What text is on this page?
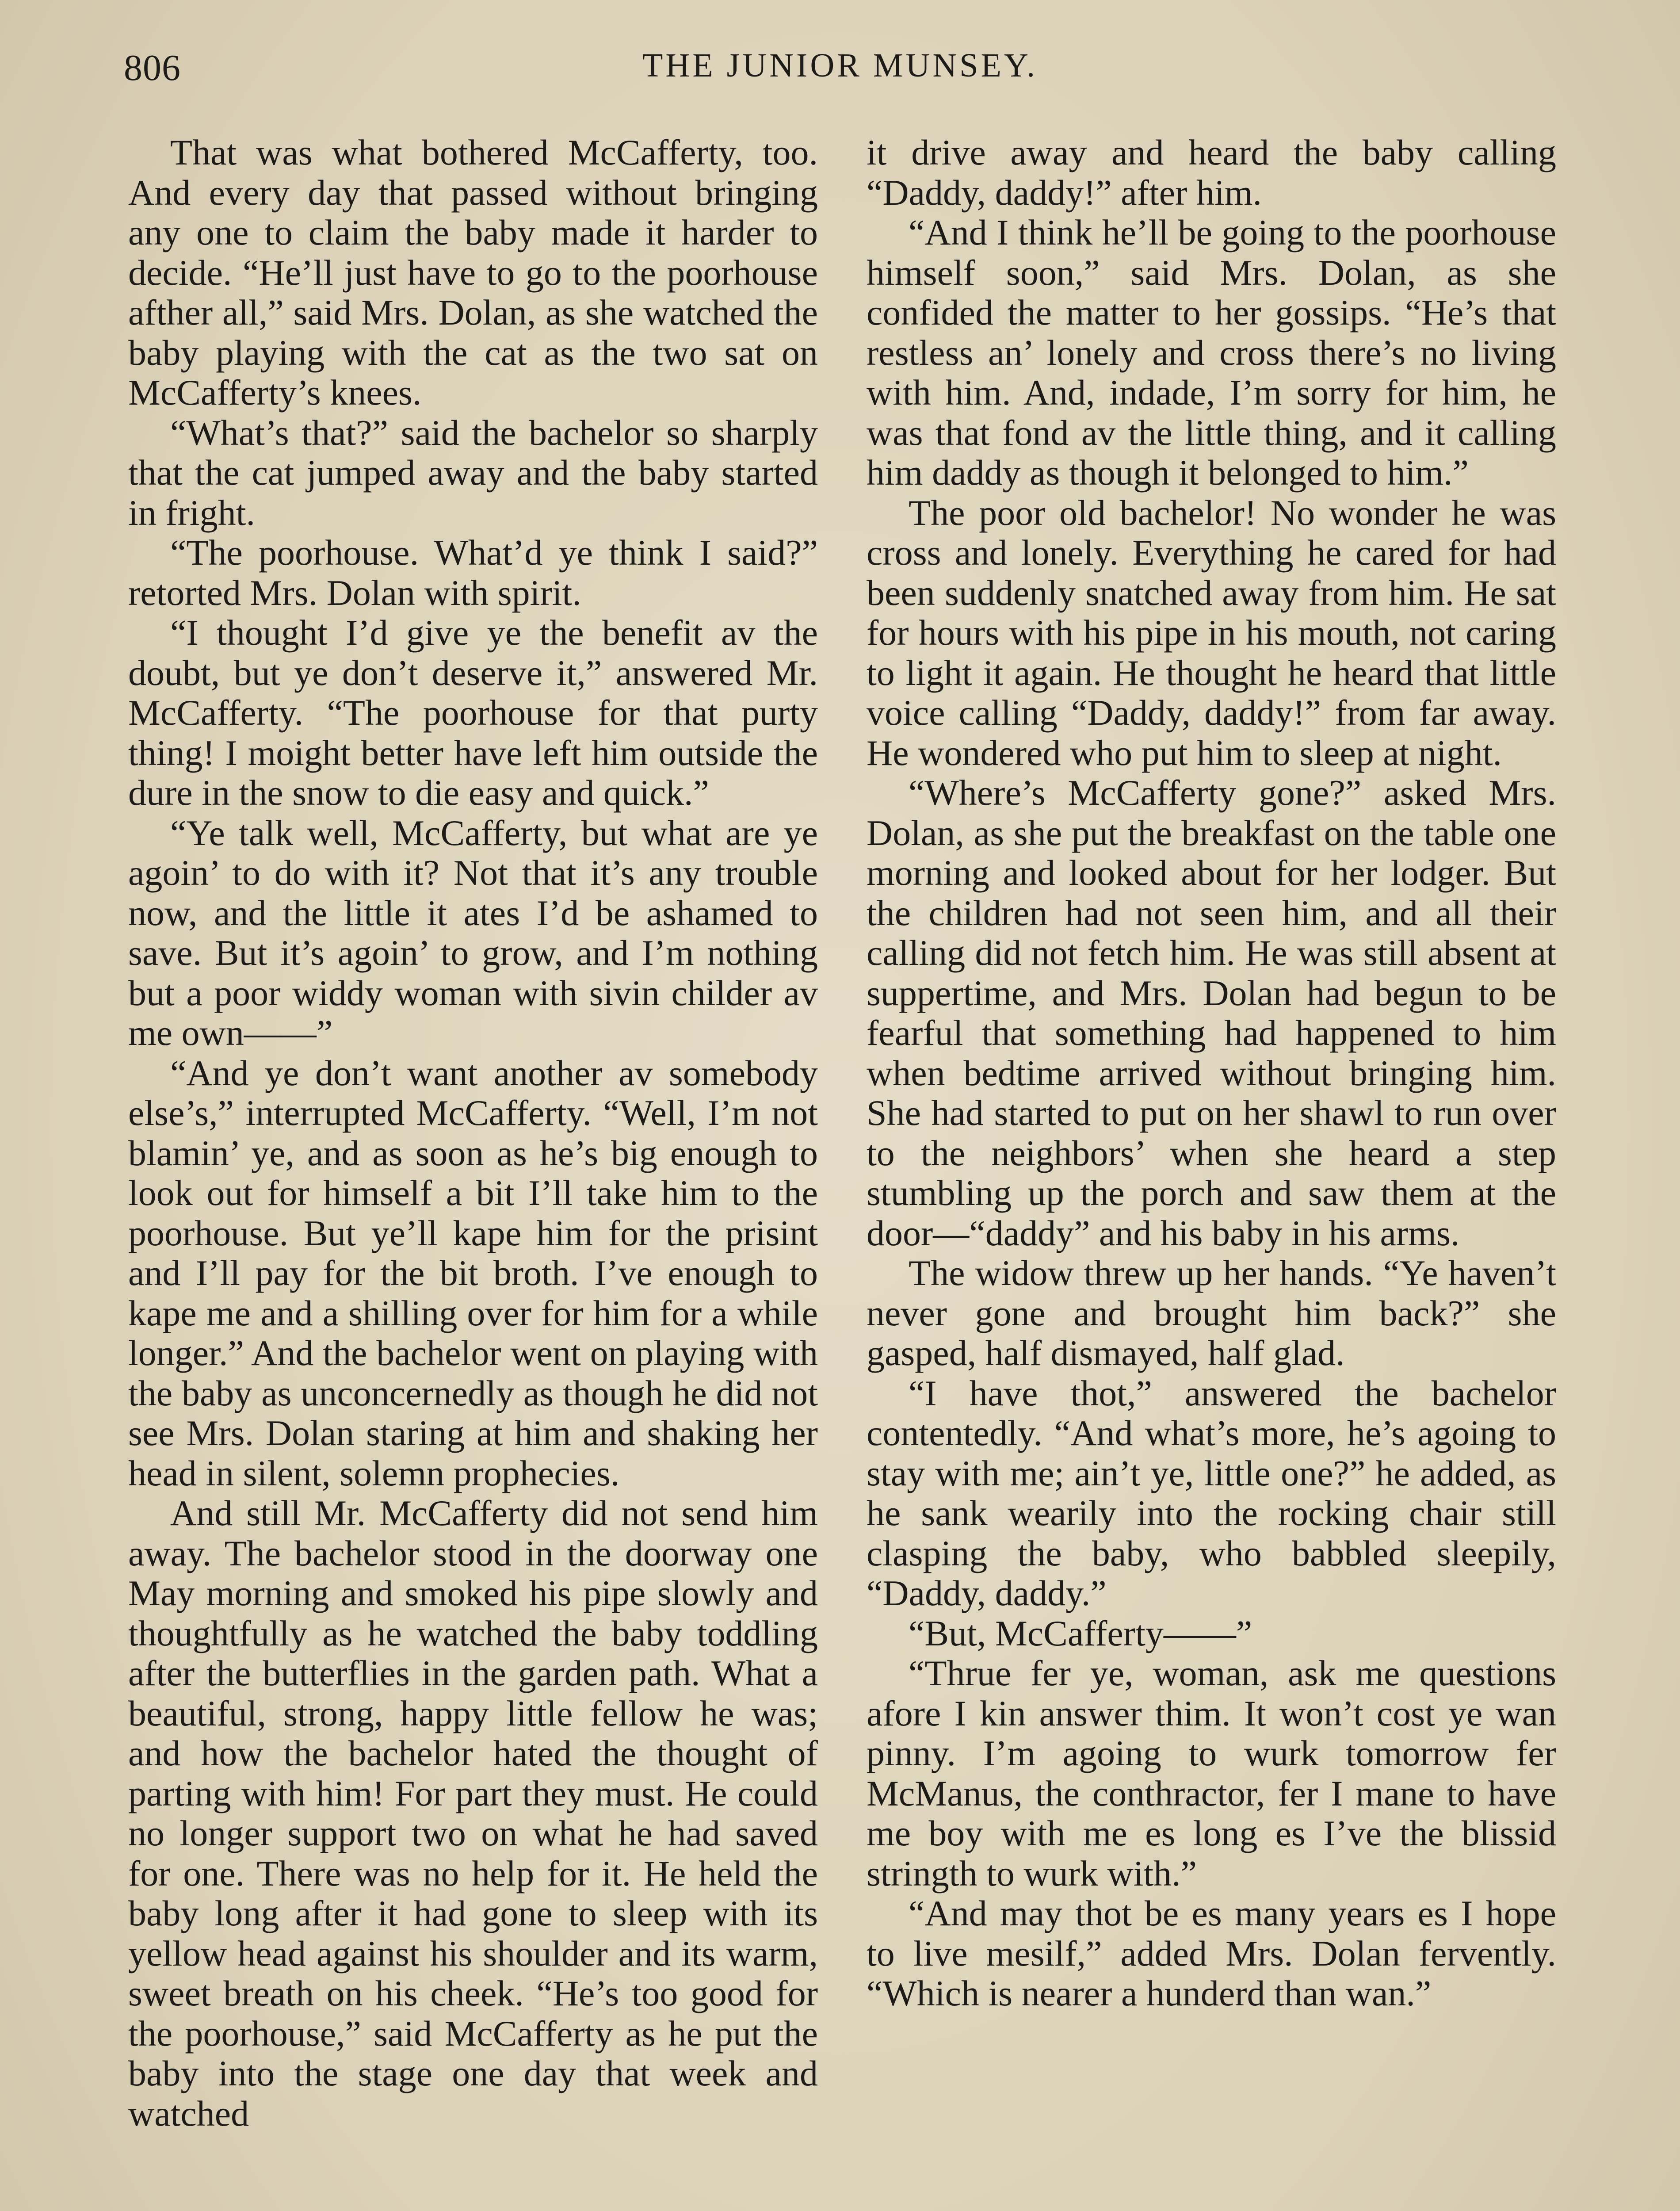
806	THE JUNIOR MUNSEY.

That was what bothered McCafferty, too. And every day that passed without bringing any one to claim the baby made it harder to decide. “He’ll just have to go to the poorhouse afther all,” said Mrs. Dolan, as she watched the baby playing with the cat as the two sat on McCafferty’s knees.

“What’s that?” said the bachelor so sharply that the cat jumped away and the baby started in fright.

“The poorhouse. What’d ye think I said?” retorted Mrs. Dolan with spirit.

“I thought I’d give ye the benefit av the doubt, but ye don’t deserve it,” answered Mr. McCafferty. “The poorhouse for that purty thing! I moight better have left him outside the dure in the snow to die easy and quick.”

“Ye talk well, McCafferty, but what are ye agoin’ to do with it? Not that it’s any trouble now, and the little it ates I’d be ashamed to save. But it’s agoin’ to grow, and I’m nothing but a poor widdy woman with sivin childer av me own——”

“And ye don’t want another av somebody else’s,” interrupted McCafferty. “Well, I’m not blamin’ ye, and as soon as he’s big enough to look out for himself a bit I’ll take him to the poorhouse. But ye’ll kape him for the prisint and I’ll pay for the bit broth. I’ve enough to kape me and a shilling over for him for a while longer.” And the bachelor went on playing with the baby as unconcernedly as though he did not see Mrs. Dolan staring at him and shaking her head in silent, solemn prophecies.

And still Mr. McCafferty did not send him away. The bachelor stood in the doorway one May morning and smoked his pipe slowly and thoughtfully as he watched the baby toddling after the butterflies in the garden path. What a beautiful, strong, happy little fellow he was; and how the bachelor hated the thought of parting with him! For part they must. He could no longer support two on what he had saved for one. There was no help for it. He held the baby long after it had gone to sleep with its yellow head against his shoulder and its warm, sweet breath on his cheek. “He’s too good for the poorhouse,” said McCafferty as he put the baby into the stage one day that week and watched

it drive away and heard the baby calling “Daddy, daddy!” after him.

“And I think he’ll be going to the poorhouse himself soon,” said Mrs. Dolan, as she confided the matter to her gossips. “He’s that restless an’ lonely and cross there’s no living with him. And, indade, I’m sorry for him, he was that fond av the little thing, and it calling him daddy as though it belonged to him.”

The poor old bachelor! No wonder he was cross and lonely. Everything he cared for had been suddenly snatched away from him. He sat for hours with his pipe in his mouth, not caring to light it again. He thought he heard that little voice calling “Daddy, daddy!” from far away. He wondered who put him to sleep at night.

“Where’s McCafferty gone?” asked Mrs. Dolan, as she put the breakfast on the table one morning and looked about for her lodger. But the children had not seen him, and all their calling did not fetch him. He was still absent at suppertime, and Mrs. Dolan had begun to be fearful that something had happened to him when bedtime arrived without bringing him. She had started to put on her shawl to run over to the neighbors’ when she heard a step stumbling up the porch and saw them at the door—“daddy” and his baby in his arms.

The widow threw up her hands. “Ye haven’t never gone and brought him back?” she gasped, half dismayed, half glad.

“I have thot,” answered the bachelor contentedly. “And what’s more, he’s agoing to stay with me; ain’t ye, little one?” he added, as he sank wearily into the rocking chair still clasping the baby, who babbled sleepily, “Daddy, daddy.”

“But, McCafferty——”

“Thrue fer ye, woman, ask me questions afore I kin answer thim. It won’t cost ye wan pinny. I’m agoing to wurk tomorrow fer McManus, the conthractor, fer I mane to have me boy with me es long es I’ve the blissid stringth to wurk with.”

“And may thot be es many years es I hope to live mesilf,” added Mrs. Dolan fervently. “Which is nearer a hunderd than wan.”
